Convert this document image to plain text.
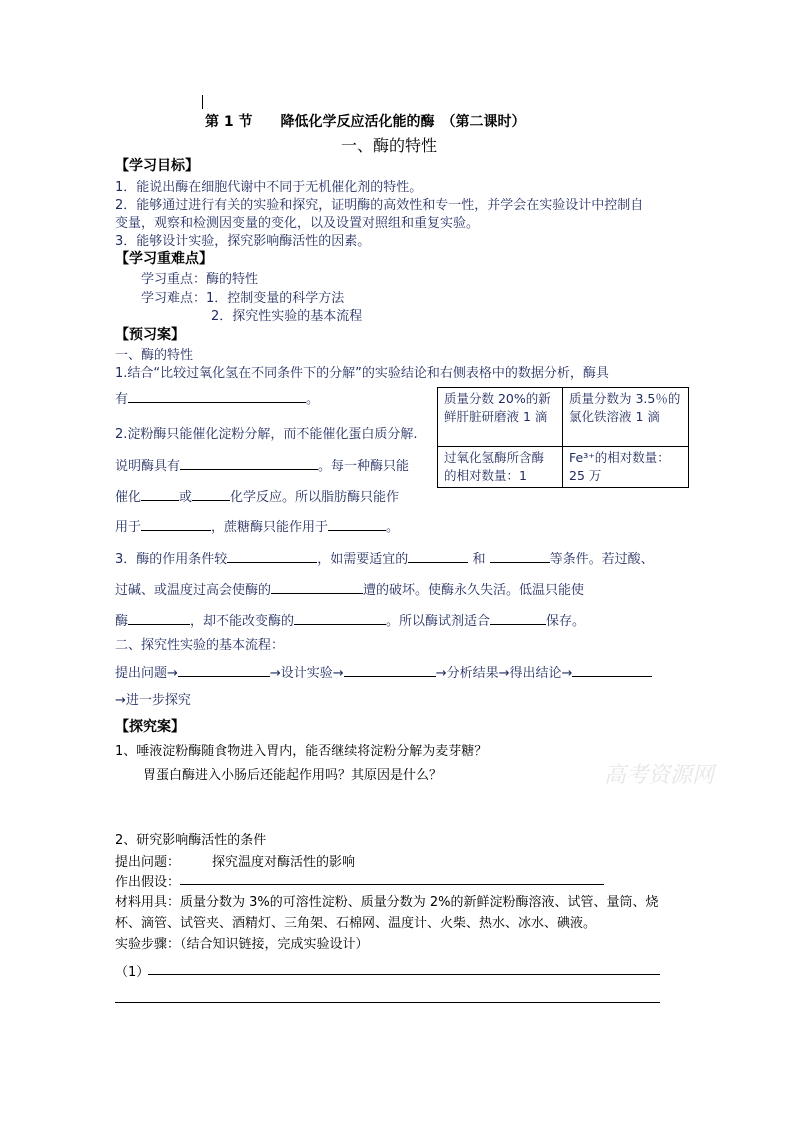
第 1 节　　降低化学反应活化能的酶　（第二课时）
一、酶的特性
【学习目标】
1．能说出酶在细胞代谢中不同于无机催化剂的特性。
2．能够通过进行有关的实验和探究，证明酶的高效性和专一性，并学会在实验设计中控制自
变量，观察和检测因变量的变化，以及设置对照组和重复实验。
3．能够设计实验，探究影响酶活性的因素。
【学习重难点】
学习重点：酶的特性
学习难点：1．控制变量的科学方法
2．探究性实验的基本流程
【预习案】
一、酶的特性
1.结合“比较过氧化氢在不同条件下的分解”的实验结论和右侧表格中的数据分析，酶具
有	。	质量分数 20%的新鲜肝脏研磨液 1 滴	质量分数为 3.5％的氯化铁溶液 1 滴
过氧化氢酶所含酶的相对数量：1	Fe³⁺的相对数量：25 万
2.淀粉酶只能催化淀粉分解，而不能催化蛋白质分解.
说明酶具有	。每一种酶只能
催化	或	化学反应。所以脂肪酶只能作
用于	，蔗糖酶只能作用于	。
3．酶的作用条件较	，如需要适宜的	和	等条件。若过酸、
过碱、或温度过高会使酶的	遭的破坏。使酶永久失活。低温只能使
酶	，却不能改变酶的	。所以酶试剂适合	保存。
二、探究性实验的基本流程：
提出问题→	→设计实验→	→分析结果→得出结论→
→进一步探究
【探究案】
1、唾液淀粉酶随食物进入胃内，能否继续将淀粉分解为麦芽糖？
胃蛋白酶进入小肠后还能起作用吗？其原因是什么？
2、研究影响酶活性的条件
提出问题： 探究温度对酶活性的影响
作出假设：
材料用具：质量分数为 3%的可溶性淀粉、质量分数为 2%的新鲜淀粉酶溶液、试管、量筒、烧
杯、滴管、试管夹、酒精灯、三角架、石棉网、温度计、火柴、热水、冰水、碘液。
实验步骤：（结合知识链接，完成实验设计）
（1）
高考资源网
